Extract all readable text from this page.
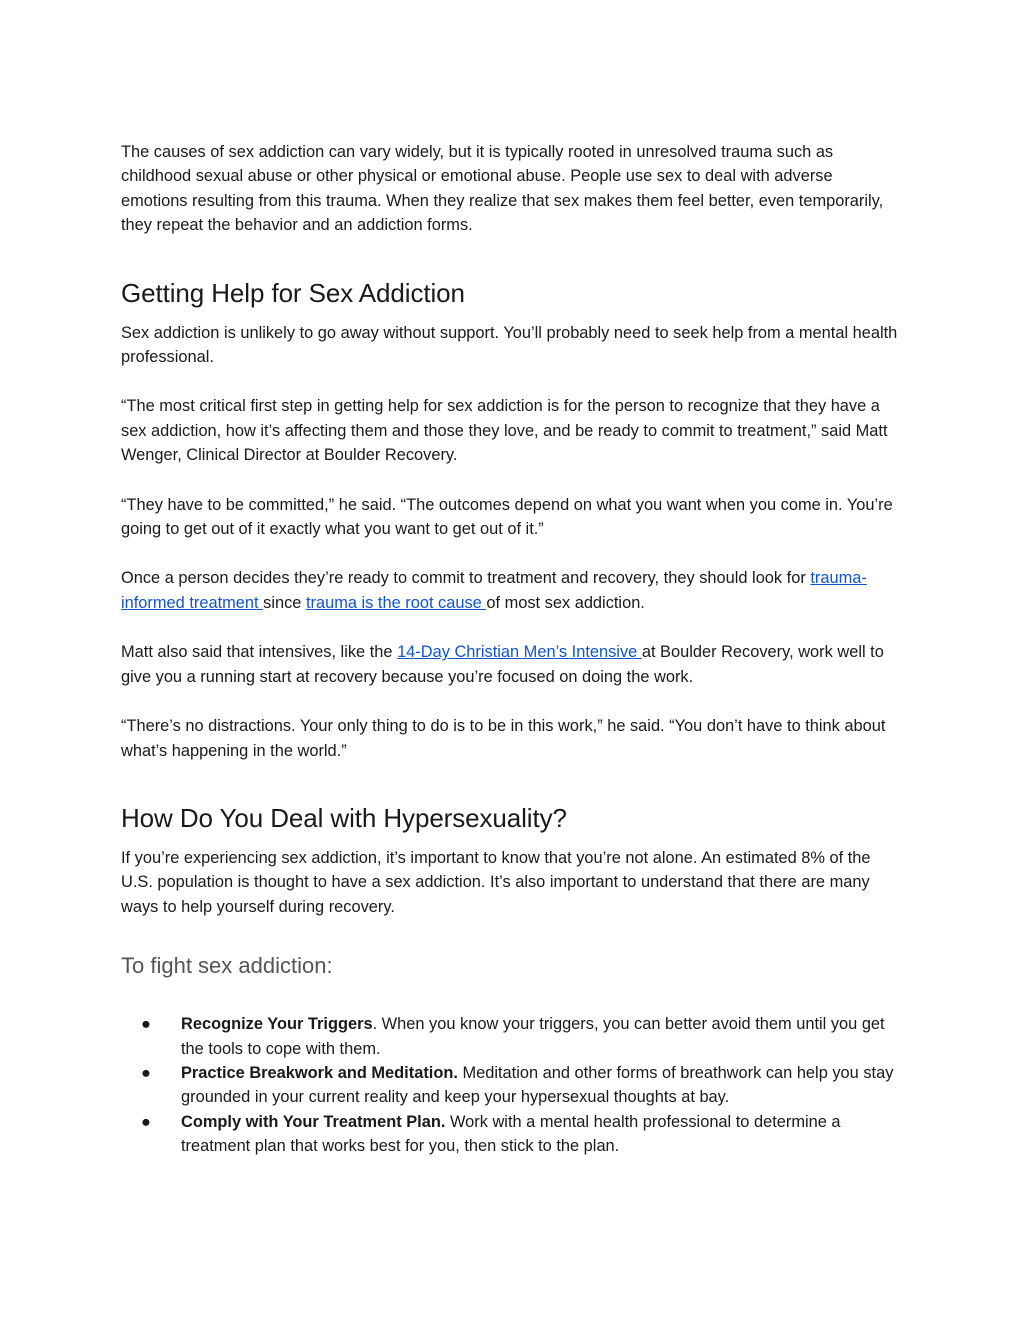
The causes of sex addiction can vary widely, but it is typically rooted in unresolved trauma such as childhood sexual abuse or other physical or emotional abuse. People use sex to deal with adverse emotions resulting from this trauma. When they realize that sex makes them feel better, even temporarily, they repeat the behavior and an addiction forms.

Getting Help for Sex Addiction

Sex addiction is unlikely to go away without support. You’ll probably need to seek help from a mental health professional.

“The most critical first step in getting help for sex addiction is for the person to recognize that they have a sex addiction, how it’s affecting them and those they love, and be ready to commit to treatment,” said Matt Wenger, Clinical Director at Boulder Recovery.

“They have to be committed,” he said. “The outcomes depend on what you want when you come in. You’re going to get out of it exactly what you want to get out of it.”

Once a person decides they’re ready to commit to treatment and recovery, they should look for trauma-informed treatment since trauma is the root cause of most sex addiction.

Matt also said that intensives, like the 14-Day Christian Men’s Intensive at Boulder Recovery, work well to give you a running start at recovery because you’re focused on doing the work.

“There’s no distractions. Your only thing to do is to be in this work,” he said. “You don’t have to think about what’s happening in the world.”

How Do You Deal with Hypersexuality?

If you’re experiencing sex addiction, it’s important to know that you’re not alone. An estimated 8% of the U.S. population is thought to have a sex addiction. It’s also important to understand that there are many ways to help yourself during recovery.

To fight sex addiction:
● Recognize Your Triggers. When you know your triggers, you can better avoid them until you get the tools to cope with them.
● Practice Breakwork and Meditation. Meditation and other forms of breathwork can help you stay grounded in your current reality and keep your hypersexual thoughts at bay.
● Comply with Your Treatment Plan. Work with a mental health professional to determine a treatment plan that works best for you, then stick to the plan.
